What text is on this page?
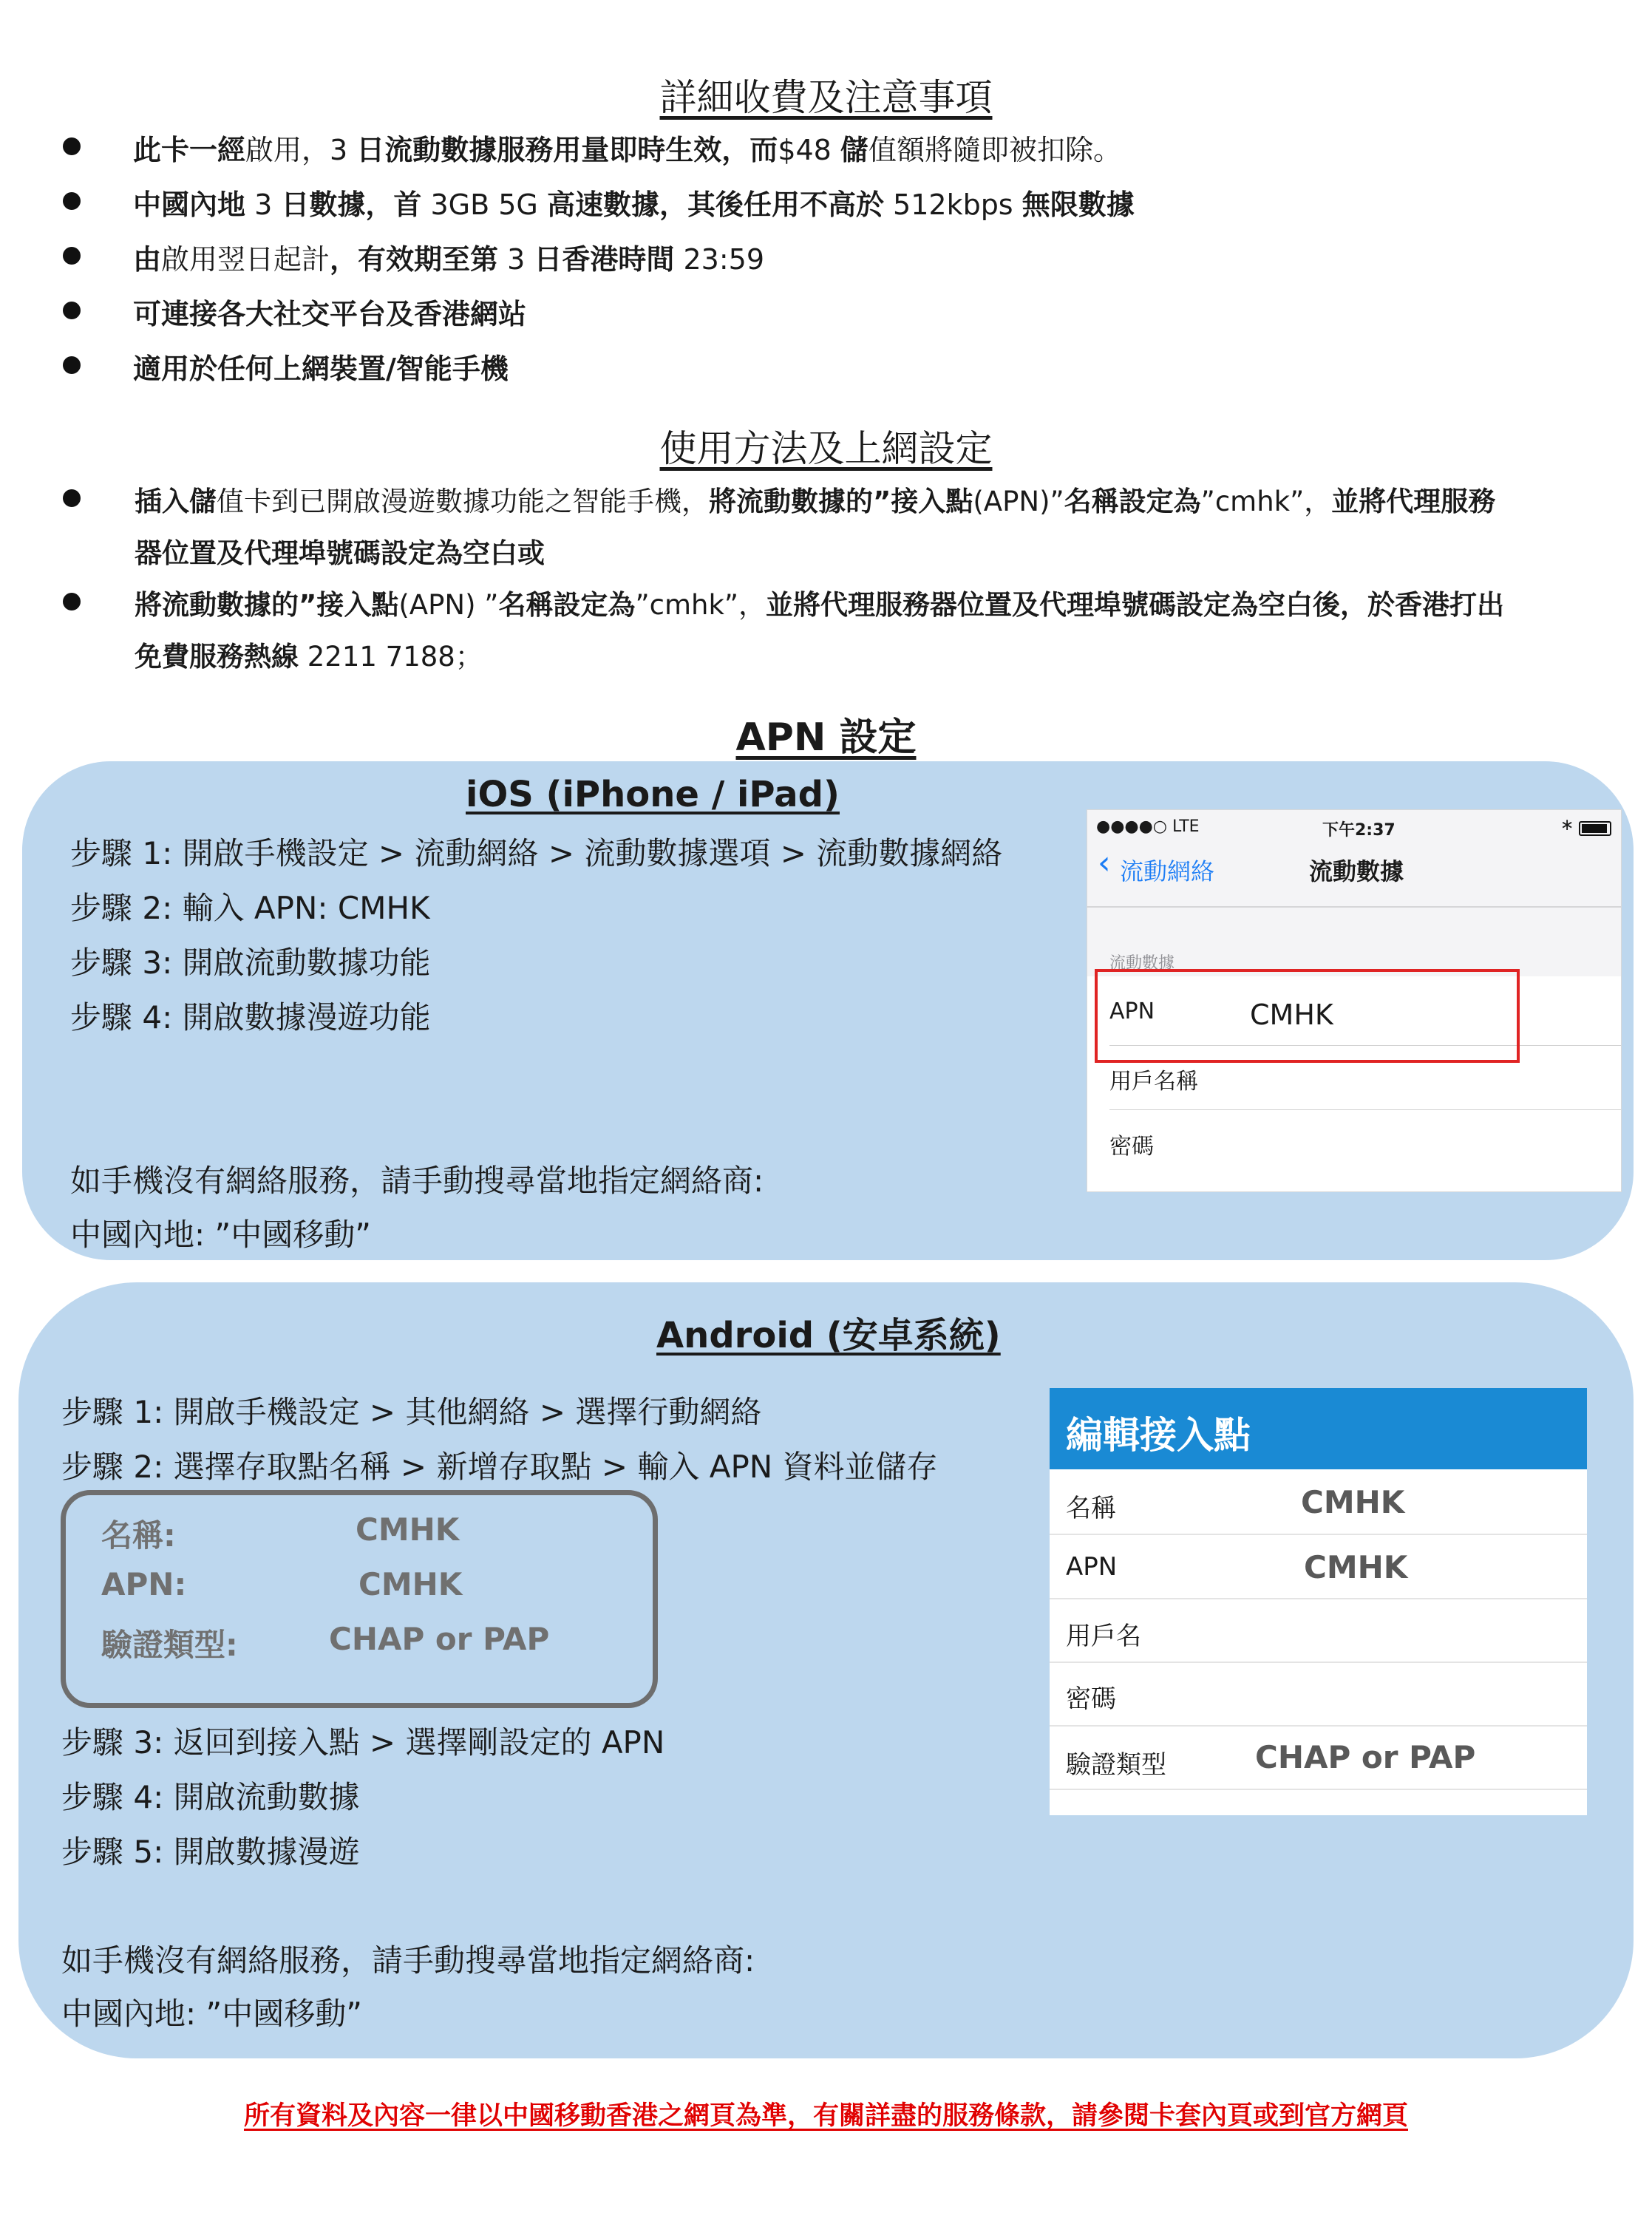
詳細收費及注意事項
此卡一經啟用，3 日流動數據服務用量即時生效，而$48 儲值額將隨即被扣除。
中國內地 3 日數據，首 3GB 5G 高速數據，其後任用不高於 512kbps 無限數據
由啟用翌日起計，有效期至第 3 日香港時間 23:59
可連接各大社交平台及香港網站
適用於任何上網裝置/智能手機
使用方法及上網設定
插入儲值卡到已開啟漫遊數據功能之智能手機，將流動數據的”接入點(APN)”名稱設定為”cmhk”，並將代理服務
器位置及代理埠號碼設定為空白或
將流動數據的”接入點(APN) ”名稱設定為”cmhk”，並將代理服務器位置及代理埠號碼設定為空白後，於香港打出
免費服務熱線 2211 7188；
APN 設定
iOS (iPhone / iPad)
步驟 1: 開啟手機設定 > 流動網絡 > 流動數據選項 > 流動數據網絡
步驟 2: 輸入 APN: CMHK
步驟 3: 開啟流動數據功能
步驟 4: 開啟數據漫遊功能
如手機沒有網絡服務，請手動搜尋當地指定網絡商:
中國內地: ”中國移動”
●●●●○ LTE	下午2:37	∗
‹ 流動網絡	流動數據
流動數據
APN	CMHK
用戶名稱
密碼
Android (安卓系統)
步驟 1: 開啟手機設定 > 其他網絡 > 選擇行動網絡
步驟 2: 選擇存取點名稱 > 新增存取點 > 輸入 APN 資料並儲存
名稱:	CMHK
APN:	CMHK
驗證類型:	CHAP or PAP
步驟 3: 返回到接入點 > 選擇剛設定的 APN
步驟 4: 開啟流動數據
步驟 5: 開啟數據漫遊
如手機沒有網絡服務，請手動搜尋當地指定網絡商:
中國內地: ”中國移動”
編輯接入點
名稱	CMHK
APN	CMHK
用戶名
密碼
驗證類型	CHAP or PAP
所有資料及內容一律以中國移動香港之網頁為準，有關詳盡的服務條款，請參閱卡套內頁或到官方網頁
